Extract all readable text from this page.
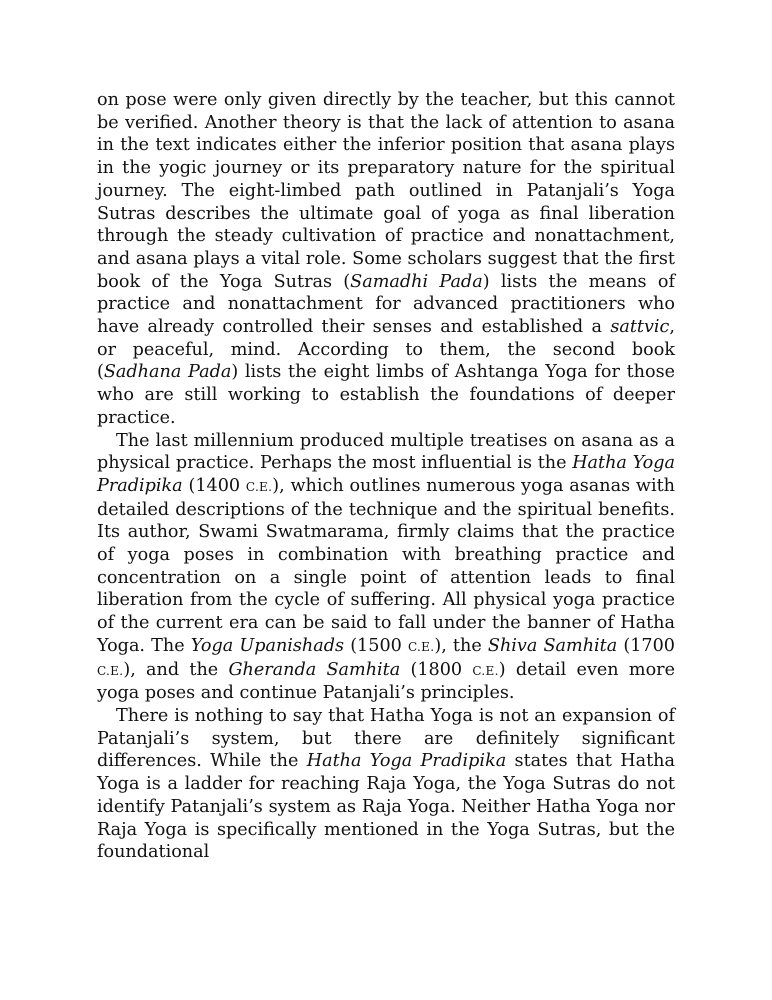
on pose were only given directly by the teacher, but this cannot be verified. Another theory is that the lack of attention to asana in the text indicates either the inferior position that asana plays in the yogic journey or its preparatory nature for the spiritual journey. The eight-limbed path outlined in Patanjali’s Yoga Sutras describes the ultimate goal of yoga as final liberation through the steady cultivation of practice and nonattachment, and asana plays a vital role. Some scholars suggest that the first book of the Yoga Sutras (Samadhi Pada) lists the means of practice and nonattachment for advanced practitioners who have already controlled their senses and established a sattvic, or peaceful, mind. According to them, the second book (Sadhana Pada) lists the eight limbs of Ashtanga Yoga for those who are still working to establish the foundations of deeper practice.

The last millennium produced multiple treatises on asana as a physical practice. Perhaps the most influential is the Hatha Yoga Pradipika (1400 C.E.), which outlines numerous yoga asanas with detailed descriptions of the technique and the spiritual benefits. Its author, Swami Swatmarama, firmly claims that the practice of yoga poses in combination with breathing practice and concentration on a single point of attention leads to final liberation from the cycle of suffering. All physical yoga practice of the current era can be said to fall under the banner of Hatha Yoga. The Yoga Upanishads (1500 C.E.), the Shiva Samhita (1700 C.E.), and the Gheranda Samhita (1800 C.E.) detail even more yoga poses and continue Patanjali’s principles.

There is nothing to say that Hatha Yoga is not an expansion of Patanjali’s system, but there are definitely significant differences. While the Hatha Yoga Pradipika states that Hatha Yoga is a ladder for reaching Raja Yoga, the Yoga Sutras do not identify Patanjali’s system as Raja Yoga. Neither Hatha Yoga nor Raja Yoga is specifically mentioned in the Yoga Sutras, but the foundational
